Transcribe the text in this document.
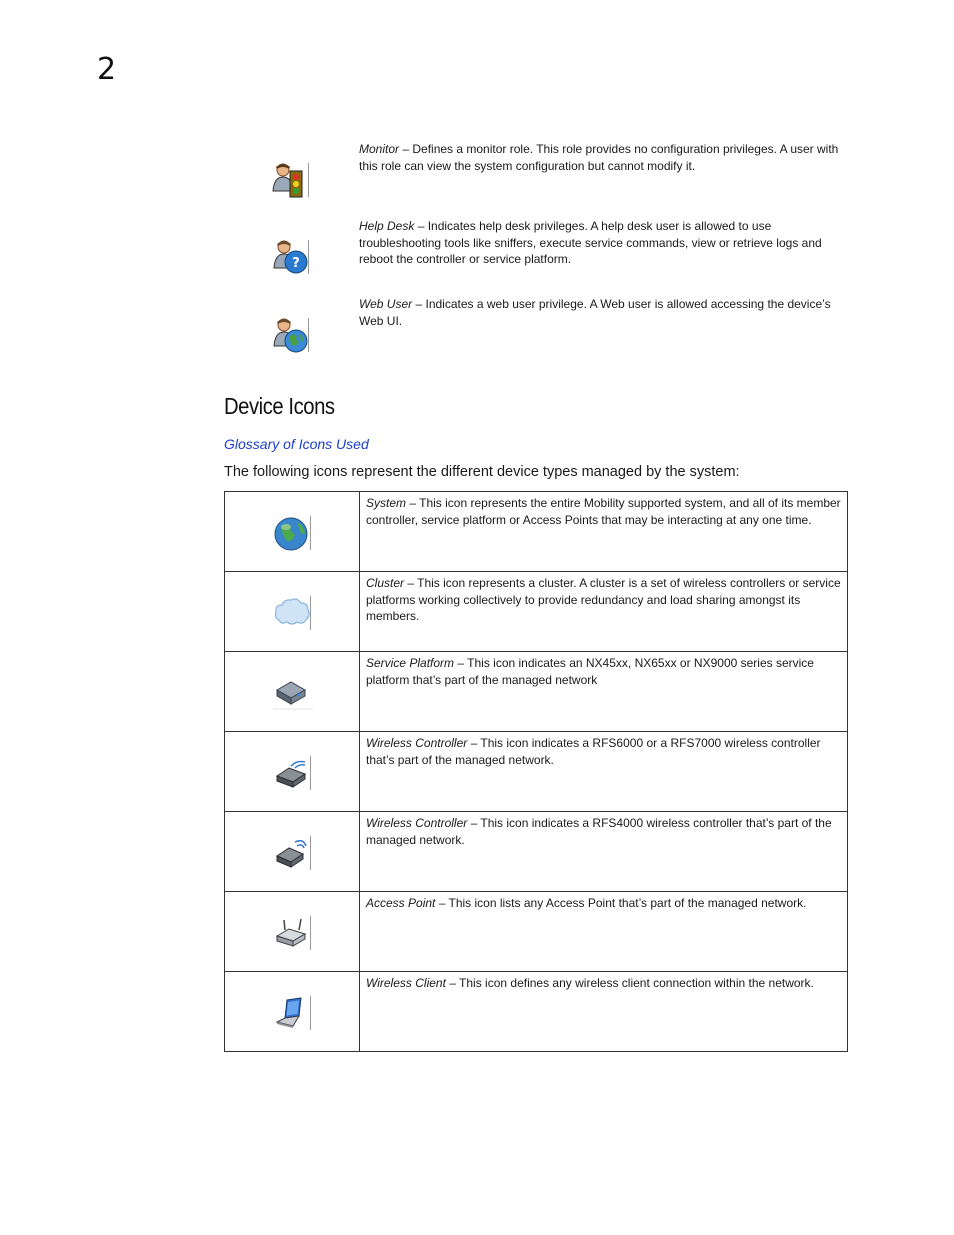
2
Monitor – Defines a monitor role. This role provides no configuration privileges. A user with this role can view the system configuration but cannot modify it.
?
Help Desk – Indicates help desk privileges. A help desk user is allowed to use troubleshooting tools like sniffers, execute service commands, view or retrieve logs and reboot the controller or service platform.
Web User – Indicates a web user privilege. A Web user is allowed accessing the device’s Web UI.
Device Icons
Glossary of Icons Used
The following icons represent the different device types managed by the system:
	System – This icon represents the entire Mobility supported system, and all of its member controller, service platform or Access Points that may be interacting at any one time.

	Cluster – This icon represents a cluster. A cluster is a set of wireless controllers or service platforms working collectively to provide redundancy and load sharing amongst its members.

	Service Platform – This icon indicates an NX45xx, NX65xx or NX9000 series service platform that’s part of the managed network

	Wireless Controller – This icon indicates a RFS6000 or a RFS7000 wireless controller that’s part of the managed network.

	Wireless Controller – This icon indicates a RFS4000 wireless controller that’s part of the managed network.

	Access Point – This icon lists any Access Point that’s part of the managed network.

	Wireless Client – This icon defines any wireless client connection within the network.
